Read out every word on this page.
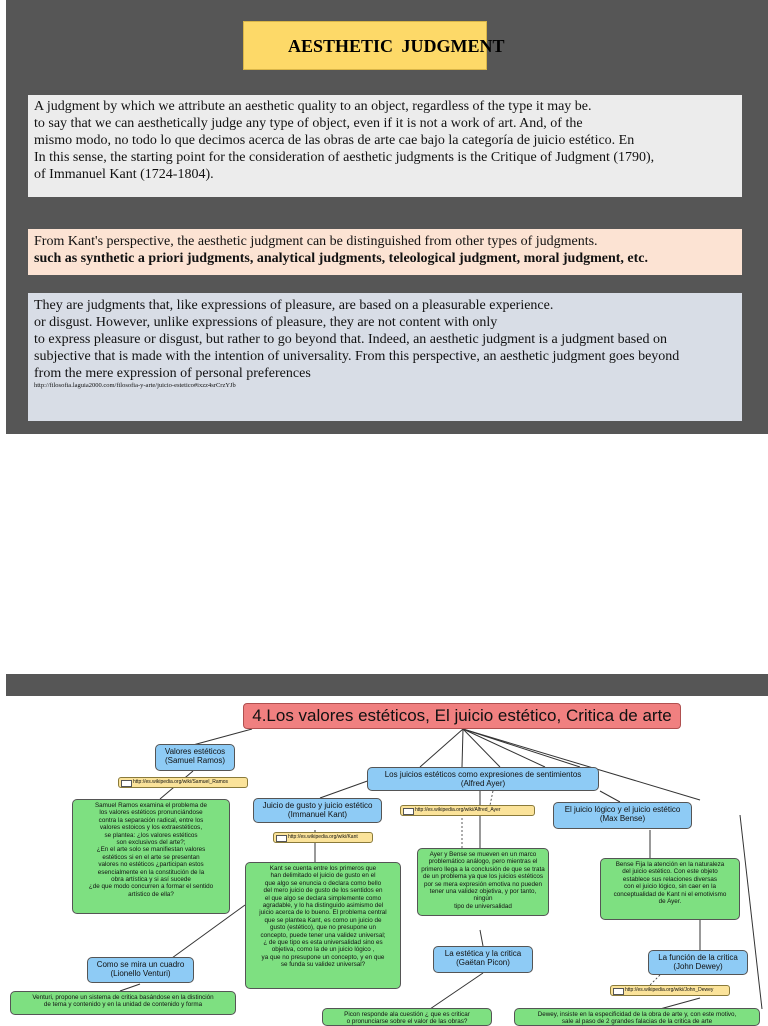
AESTHETIC JUDGMENT

A judgment by which we attribute an aesthetic quality to an object, regardless of the type it may be.

to say that we can aesthetically judge any type of object, even if it is not a work of art. And, of the

mismo modo, no todo lo que decimos acerca de las obras de arte cae bajo la categoría de juicio estético. En

In this sense, the starting point for the consideration of aesthetic judgments is the Critique of Judgment (1790),

of Immanuel Kant (1724-1804).

From Kant's perspective, the aesthetic judgment can be distinguished from other types of judgments.

such as synthetic a priori judgments, analytical judgments, teleological judgment, moral judgment, etc.

They are judgments that, like expressions of pleasure, are based on a pleasurable experience.

or disgust. However, unlike expressions of pleasure, they are not content with only

to express pleasure or disgust, but rather to go beyond that. Indeed, an aesthetic judgment is a judgment based on

subjective that is made with the intention of universality. From this perspective, an aesthetic judgment goes beyond

from the mere expression of personal preferences

http://filosofia.laguia2000.com/filosofia-y-arte/juicio-estetico#ixzz4srCrzYJb

4.Los valores estéticos, El juicio estético, Critica de arte
Valores estéticos
(Samuel Ramos)
http://es.wikipedia.org/wiki/Samuel_Ramos
Samuel Ramos examina el problema de
los valores estéticos pronunciándose
contra la separación radical, entre los
valores estoicos y los extraestéticos,
se plantea: ¿los valores estéticos
son exclusivos del arte?;
¿En el arte solo se manifiestan valores
estéticos si en el arte se presentan
valores no estéticos ¿participan estos
esencialmente en la constitución de la
obra artística y si así sucede
¿de que modo concurren a formar el sentido
artístico de ella?
Los juicios estéticos como expresiones de sentimientos
(Alfred Ayer)
http://es.wikipedia.org/wiki/Alfred_Ayer
Juicio de gusto y juicio estético
(Immanuel Kant)
http://es.wikipedia.org/wiki/Kant
Kant se cuenta entre los primeros que
han delimitado el juicio de gusto en el
que algo se enuncia o declara como bello
del mero juicio de gusto de los sentidos en
el que algo se declara simplemente como
agradable, y lo ha distinguido asimismo del
juicio acerca de lo bueno. El problema central
que se plantea Kant, es como un juicio de
gusto (estético), que no presupone un
concepto, puede tener una validez universal;
¿ de que tipo es esta universalidad sino es
objetiva, como la de un juicio lógico ,
ya que no presupone un concepto, y en que
se funda su validez universal?
El juicio lógico y el juicio estético
(Max Bense)
Ayer y Bense se mueven en un marco
problemático análogo, pero mientras el
primero llega a la conclusión de que se trata
de un problema ya que los juicios estéticos
por se mera expresión emotiva no pueden
tener una validez objetiva, y por tanto, ningún
tipo de universalidad
Bense Fija la atención en la naturaleza
del juicio estético. Con este objeto
establece sus relaciones diversas
con el juicio lógico, sin caer en la
conceptualidad de Kant ni el emotivismo
de Ayer.
Como se mira un cuadro
(Lionello Venturi)
Venturi, propone un sistema de critica basándose en la distinción
de tema y contenido y en la unidad de contenido y forma
La estética y la critica
(Gaëtan Picon)
La función de la critica
(John Dewey)
http://es.wikipedia.org/wiki/John_Dewey
Picon responde ala cuestión ¿ que es criticar
o pronunciarse sobre el valor de las obras?
Dewey, insiste en la especificidad de la obra de arte y, con este motivo,
sale al paso de 2 grandes falacias de la critica de arte
